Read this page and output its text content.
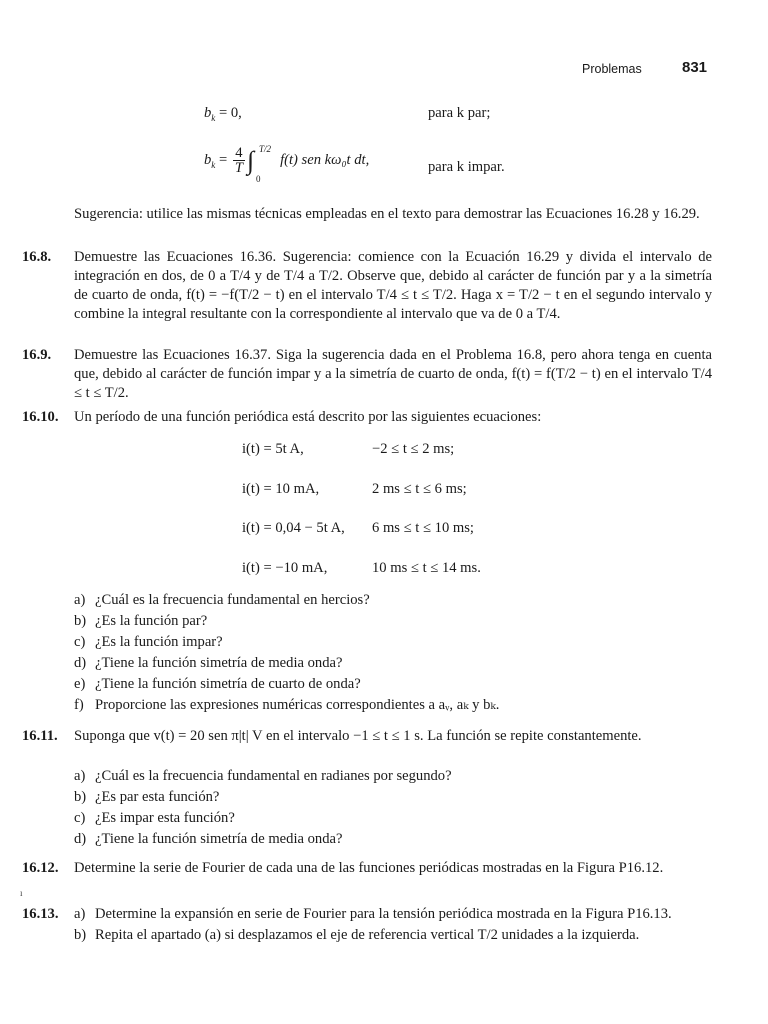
Problemas	831
$b_k = 0$,	para k par;
$b_k = \frac{4}{T}$ ∫ T/2
0
f(t) sen kω₀t dt,	para k impar.
Sugerencia: utilice las mismas técnicas empleadas en el texto para demostrar las Ecuaciones 16.28 y 16.29.
16.8. Demuestre las Ecuaciones 16.36. Sugerencia: comience con la Ecuación 16.29 y divida el intervalo de integración en dos, de 0 a T/4 y de T/4 a T/2. Observe que, debido al carácter de función par y a la simetría de cuarto de onda, f(t) = −f(T/2 − t) en el intervalo T/4 ≤ t ≤ T/2. Haga x = T/2 − t en el segundo intervalo y combine la integral resultante con la correspondiente al intervalo que va de 0 a T/4.
16.9. Demuestre las Ecuaciones 16.37. Siga la sugerencia dada en el Problema 16.8, pero ahora tenga en cuenta que, debido al carácter de función impar y a la simetría de cuarto de onda, f(t) = f(T/2 − t) en el intervalo T/4 ≤ t ≤ T/2.
16.10. Un período de una función periódica está descrito por las siguientes ecuaciones:
i(t) = 5t A,	−2 ≤ t ≤ 2 ms;
i(t) = 10 mA,	2 ms ≤ t ≤ 6 ms;
i(t) = 0,04 − 5t A, 6 ms ≤ t ≤ 10 ms;
i(t) = −10 mA,	10 ms ≤ t ≤ 14 ms.
a) ¿Cuál es la frecuencia fundamental en hercios?
b) ¿Es la función par?
c) ¿Es la función impar?
d) ¿Tiene la función simetría de media onda?
e) ¿Tiene la función simetría de cuarto de onda?
f) Proporcione las expresiones numéricas correspondientes a aᵥ, aₖ y bₖ.
16.11. Suponga que v(t) = 20 sen π|t| V en el intervalo −1 ≤ t ≤ 1 s. La función se repite constantemente.
a) ¿Cuál es la frecuencia fundamental en radianes por segundo?
b) ¿Es par esta función?
c) ¿Es impar esta función?
d) ¿Tiene la función simetría de media onda?
16.12. Determine la serie de Fourier de cada una de las funciones periódicas mostradas en la Figura P16.12.
ı
16.13. a) Determine la expansión en serie de Fourier para la tensión periódica mostrada en la Figura P16.13.
b) Repita el apartado (a) si desplazamos el eje de referencia vertical T/2 unidades a la izquierda.
